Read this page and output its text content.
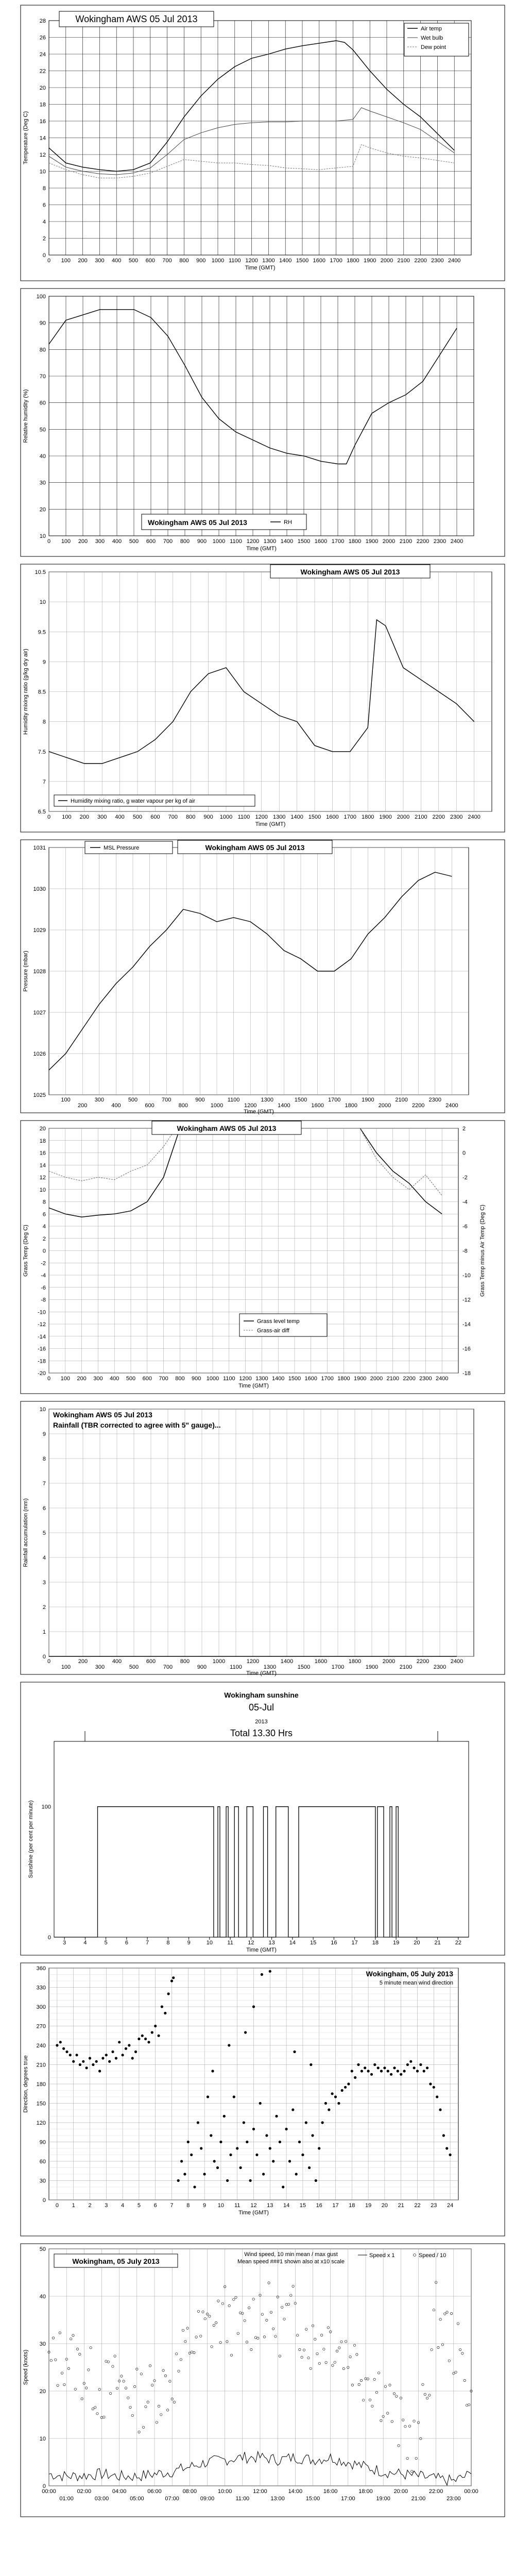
0
2
4
6
8
10
12
14
16
18
20
22
24
26
28
0 100 200 300 400 500 600 700 800 900 1000 1100 1200 1300 1400 1500 1600 1700 1800 1900 2000 2100 2200 2300 2400
Time (GMT)
Temperature (Deg C)
Wokingham AWS 05 Jul 2013
Air temp
Wet bulb
Dew point
10
20
30
40
50
60
70
80
90
100
0 100 200 300 400 500 600 700 800 900 1000 1100 1200 1300 1400 1500 1600 1700 1800 1900 2000 2100 2200 2300 2400
Time (GMT)
Relative humidity (%)
Wokingham AWS 05 Jul 2013	RH
6.5
7
7.5
8
8.5
9
9.5
10
10.5
0 100 200 300 400 500 600 700 800 900 1000 1100 1200 1300 1400 1500 1600 1700 1800 1900 2000 2100 2200 2300 2400
Time (GMT)
Humidity mixing ratio (g/kg dry air)
Wokingham AWS 05 Jul 2013
Humidity mixing ratio, g water vapour per kg of air
1025
1026
1027
1028
1029
1030
1031
100
200
300
400
500
600
700
800
900
1000
1100
1200
1300
1400
1500
1600
1700
1800
1900
2000
2100
2200
2300
2400
Time (GMT)
Pressure (mbar)
MSL Pressure	Wokingham AWS 05 Jul 2013
-20
-18
-16
-14
-12
-10
-8
-6
-4
-2
0
2
4
6
8
10
12
14
16
18
20
0 100 200 300 400 500 600 700 800 900 1000 1100 1200 1300 1400 1500 1600 1700 1800 1900 2000 2100 2200 2300 2400
Time (GMT)
Grass Temp (Deg C)
-18
-16
-14
-12
-10
-8
-6
-4
-2
0
2
Grass Temp minus Air Temp (Deg C)
Wokingham AWS 05 Jul 2013
Grass level temp
Grass-air diff
0
1
2
3
4
5
6
7
8
9
10
0
100
200
300
400
500
600
700
800
900
1000
1100
1200
1300
1400
1500
1600
1700
1800
1900
2000
2100
2200
2300
2400
Time (GMT)
Rainfall accumulation (mm)
Wokingham AWS 05 Jul 2013
Rainfall (TBR corrected to agree with 5" gauge)...
0
100
3	4	5	6	7	8	9	10	11	12	13	14	15	16	17	18	19	20	21	22
Time (GMT)
Sunshine (per cent per minute)
Wokingham sunshine
05-Jul
2013
Total 13.30 Hrs
0
30
60
90
120
150
180
210
240
270
300
330
360
0 1 2 3 4 5 6 7 8 9 10 11 12 13 14 15 16 17 18 19 20 21 22 23 24
Time (GMT)
Direction, degrees true
Wokingham, 05 July 2013
5 minute mean wind direction
0
10
20
30
40
50
00:00	02:00	04:00	06:00	08:00	10:00	12:00	14:00	16:00	18:00	20:00	22:00	00:00
Speed (knots)
01:00	03:00	05:00	07:00	09:00	11:00	13:00	15:00	17:00	19:00	21:00	23:00
Wokingham, 05 July 2013
Wind speed, 10 min mean / max gust
Mean speed ###1 shown also at x10 scale
Speed x 1	Speed / 10
